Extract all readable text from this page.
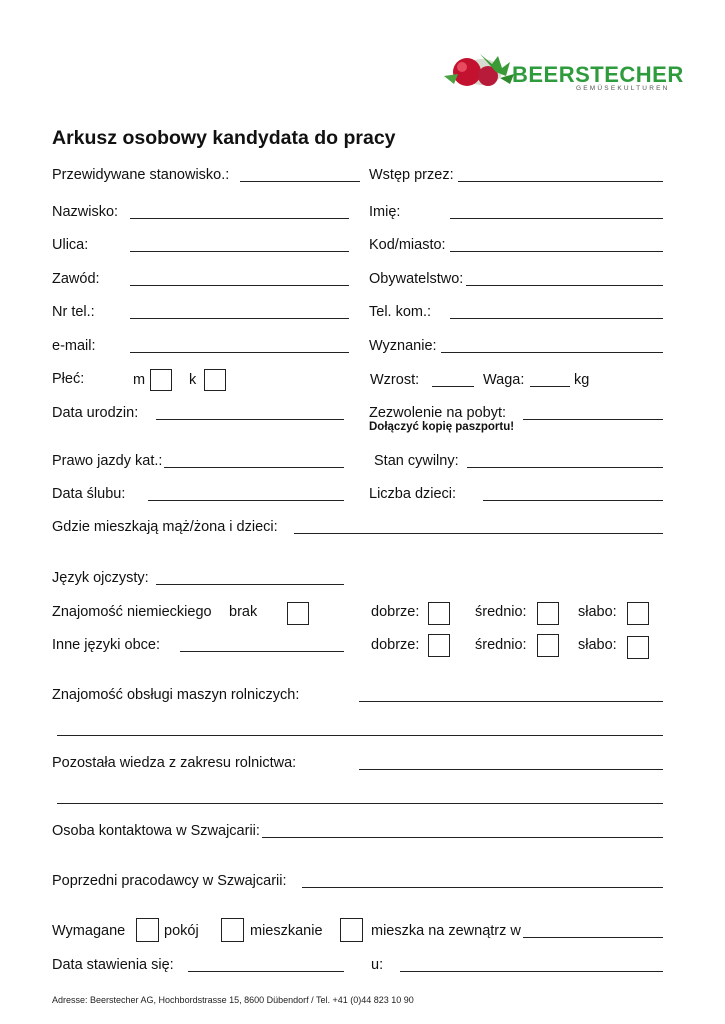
BEERSTECHER
GEMÜSEKULTUREN
Arkusz osobowy kandydata do pracy
Przewidywane stanowisko.:	Wstęp przez:
Nazwisko:	Imię:
Ulica:	Kod/miasto:
Zawód:	Obywatelstwo:
Nr tel.:	Tel. kom.:
e-mail:	Wyznanie:
Płeć:	m	k	Wzrost:	Waga:	kg
Data urodzin:	Zezwolenie na pobyt:
Dołączyć kopię paszportu!
Prawo jazdy kat.:	Stan cywilny:
Data ślubu:	Liczba dzieci:
Gdzie mieszkają mąż/żona i dzieci:
Język ojczysty:
Znajomość niemieckiego brak	dobrze:	średnio:	słabo:
Inne języki obce:	dobrze:	średnio:	słabo:
Znajomość obsługi maszyn rolniczych:
Pozostała wiedza z zakresu rolnictwa:
Osoba kontaktowa w Szwajcarii:
Poprzedni pracodawcy w Szwajcarii:
Wymagane	pokój	mieszkanie	mieszka na zewnątrz w
Data stawienia się:	u:
Adresse: Beerstecher AG, Hochbordstrasse 15, 8600 Dübendorf / Tel. +41 (0)44 823 10 90
